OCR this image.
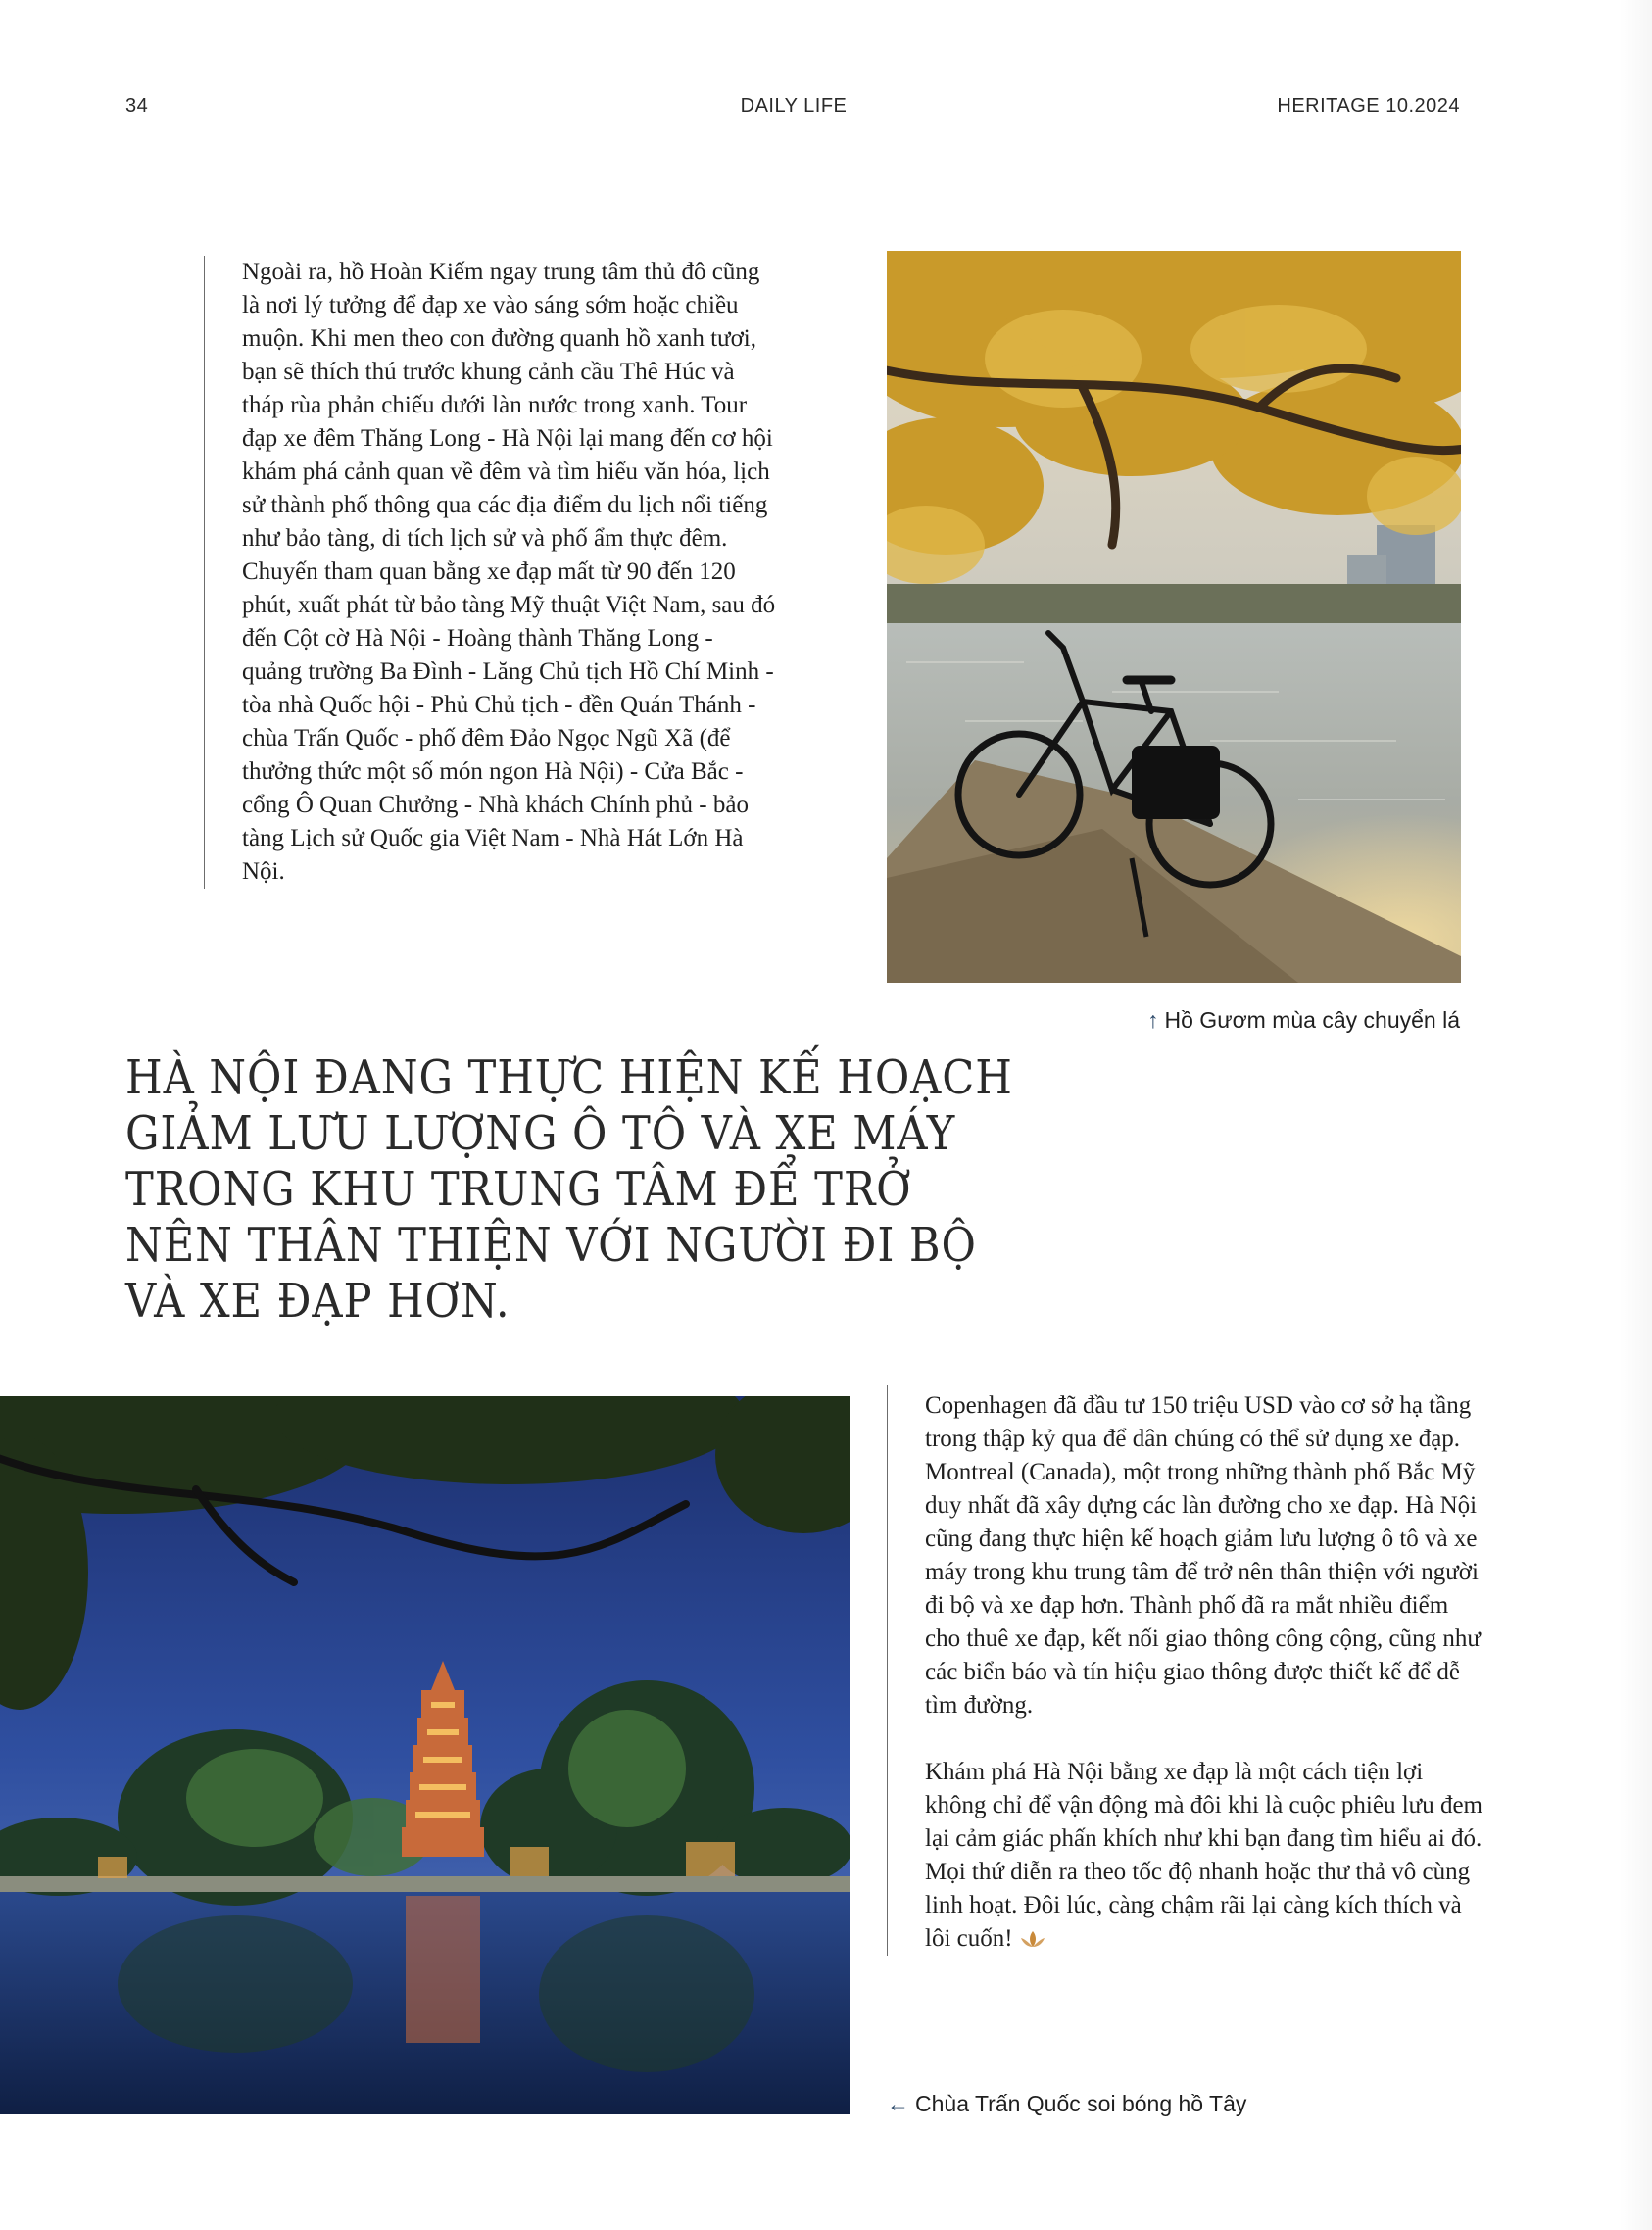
34	DAILY LIFE	HERITAGE 10.2024

Ngoài ra, hồ Hoàn Kiếm ngay trung tâm thủ đô cũng là nơi lý tưởng để đạp xe vào sáng sớm hoặc chiều muộn. Khi men theo con đường quanh hồ xanh tươi, bạn sẽ thích thú trước khung cảnh cầu Thê Húc và tháp rùa phản chiếu dưới làn nước trong xanh. Tour đạp xe đêm Thăng Long - Hà Nội lại mang đến cơ hội khám phá cảnh quan về đêm và tìm hiểu văn hóa, lịch sử thành phố thông qua các địa điểm du lịch nổi tiếng như bảo tàng, di tích lịch sử và phố ẩm thực đêm. Chuyến tham quan bằng xe đạp mất từ 90 đến 120 phút, xuất phát từ bảo tàng Mỹ thuật Việt Nam, sau đó đến Cột cờ Hà Nội - Hoàng thành Thăng Long - quảng trường Ba Đình - Lăng Chủ tịch Hồ Chí Minh - tòa nhà Quốc hội - Phủ Chủ tịch - đền Quán Thánh - chùa Trấn Quốc - phố đêm Đảo Ngọc Ngũ Xã (để thưởng thức một số món ngon Hà Nội) - Cửa Bắc - cổng Ô Quan Chưởng - Nhà khách Chính phủ - bảo tàng Lịch sử Quốc gia Việt Nam - Nhà Hát Lớn Hà Nội.

↑ Hồ Gươm mùa cây chuyển lá
HÀ NỘI ĐANG THỰC HIỆN KẾ HOẠCH GIẢM LƯU LƯỢNG Ô TÔ VÀ XE MÁY TRONG KHU TRUNG TÂM ĐỂ TRỞ NÊN THÂN THIỆN VỚI NGƯỜI ĐI BỘ VÀ XE ĐẠP HƠN.

Copenhagen đã đầu tư 150 triệu USD vào cơ sở hạ tầng trong thập kỷ qua để dân chúng có thể sử dụng xe đạp. Montreal (Canada), một trong những thành phố Bắc Mỹ duy nhất đã xây dựng các làn đường cho xe đạp. Hà Nội cũng đang thực hiện kế hoạch giảm lưu lượng ô tô và xe máy trong khu trung tâm để trở nên thân thiện với người đi bộ và xe đạp hơn. Thành phố đã ra mắt nhiều điểm cho thuê xe đạp, kết nối giao thông công cộng, cũng như các biển báo và tín hiệu giao thông được thiết kế để dễ tìm đường.

Khám phá Hà Nội bằng xe đạp là một cách tiện lợi không chỉ để vận động mà đôi khi là cuộc phiêu lưu đem lại cảm giác phấn khích như khi bạn đang tìm hiểu ai đó. Mọi thứ diễn ra theo tốc độ nhanh hoặc thư thả vô cùng linh hoạt. Đôi lúc, càng chậm rãi lại càng kích thích và lôi cuốn!

← Chùa Trấn Quốc soi bóng hồ Tây
